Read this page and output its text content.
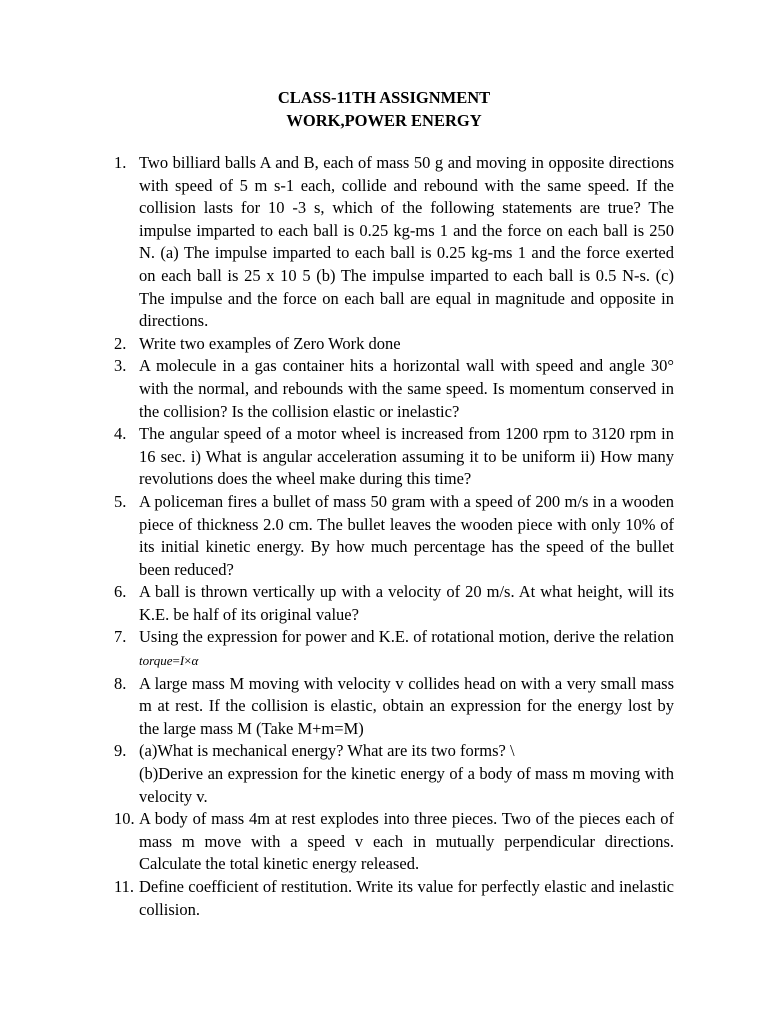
CLASS-11TH ASSIGNMENT
WORK,POWER ENERGY
1. Two billiard balls A and B, each of mass 50 g and moving in opposite directions with speed of 5 m s-1 each, collide and rebound with the same speed. If the collision lasts for 10 -3 s, which of the following statements are true? The impulse imparted to each ball is 0.25 kg-ms 1 and the force on each ball is 250 N. (a) The impulse imparted to each ball is 0.25 kg-ms 1 and the force exerted on each ball is 25 x 10 5 (b) The impulse imparted to each ball is 0.5 N-s. (c) The impulse and the force on each ball are equal in magnitude and opposite in directions.
2. Write two examples of Zero Work done
3. A molecule in a gas container hits a horizontal wall with speed and angle 30° with the normal, and rebounds with the same speed. Is momentum conserved in the collision? Is the collision elastic or inelastic?
4. The angular speed of a motor wheel is increased from 1200 rpm to 3120 rpm in 16 sec. i) What is angular acceleration assuming it to be uniform ii) How many revolutions does the wheel make during this time?
5. A policeman fires a bullet of mass 50 gram with a speed of 200 m/s in a wooden piece of thickness 2.0 cm. The bullet leaves the wooden piece with only 10% of its initial kinetic energy. By how much percentage has the speed of the bullet been reduced?
6. A ball is thrown vertically up with a velocity of 20 m/s. At what height, will its K.E. be half of its original value?
7. Using the expression for power and K.E. of rotational motion, derive the relation torque=I×α
8. A large mass M moving with velocity v collides head on with a very small mass m at rest. If the collision is elastic, obtain an expression for the energy lost by the large mass M (Take M+m=M)
9. (a)What is mechanical energy? What are its two forms? \
(b)Derive an expression for the kinetic energy of a body of mass m moving with velocity v.
10. A body of mass 4m at rest explodes into three pieces. Two of the pieces each of mass m move with a speed v each in mutually perpendicular directions. Calculate the total kinetic energy released.
11. Define coefficient of restitution. Write its value for perfectly elastic and inelastic collision.
